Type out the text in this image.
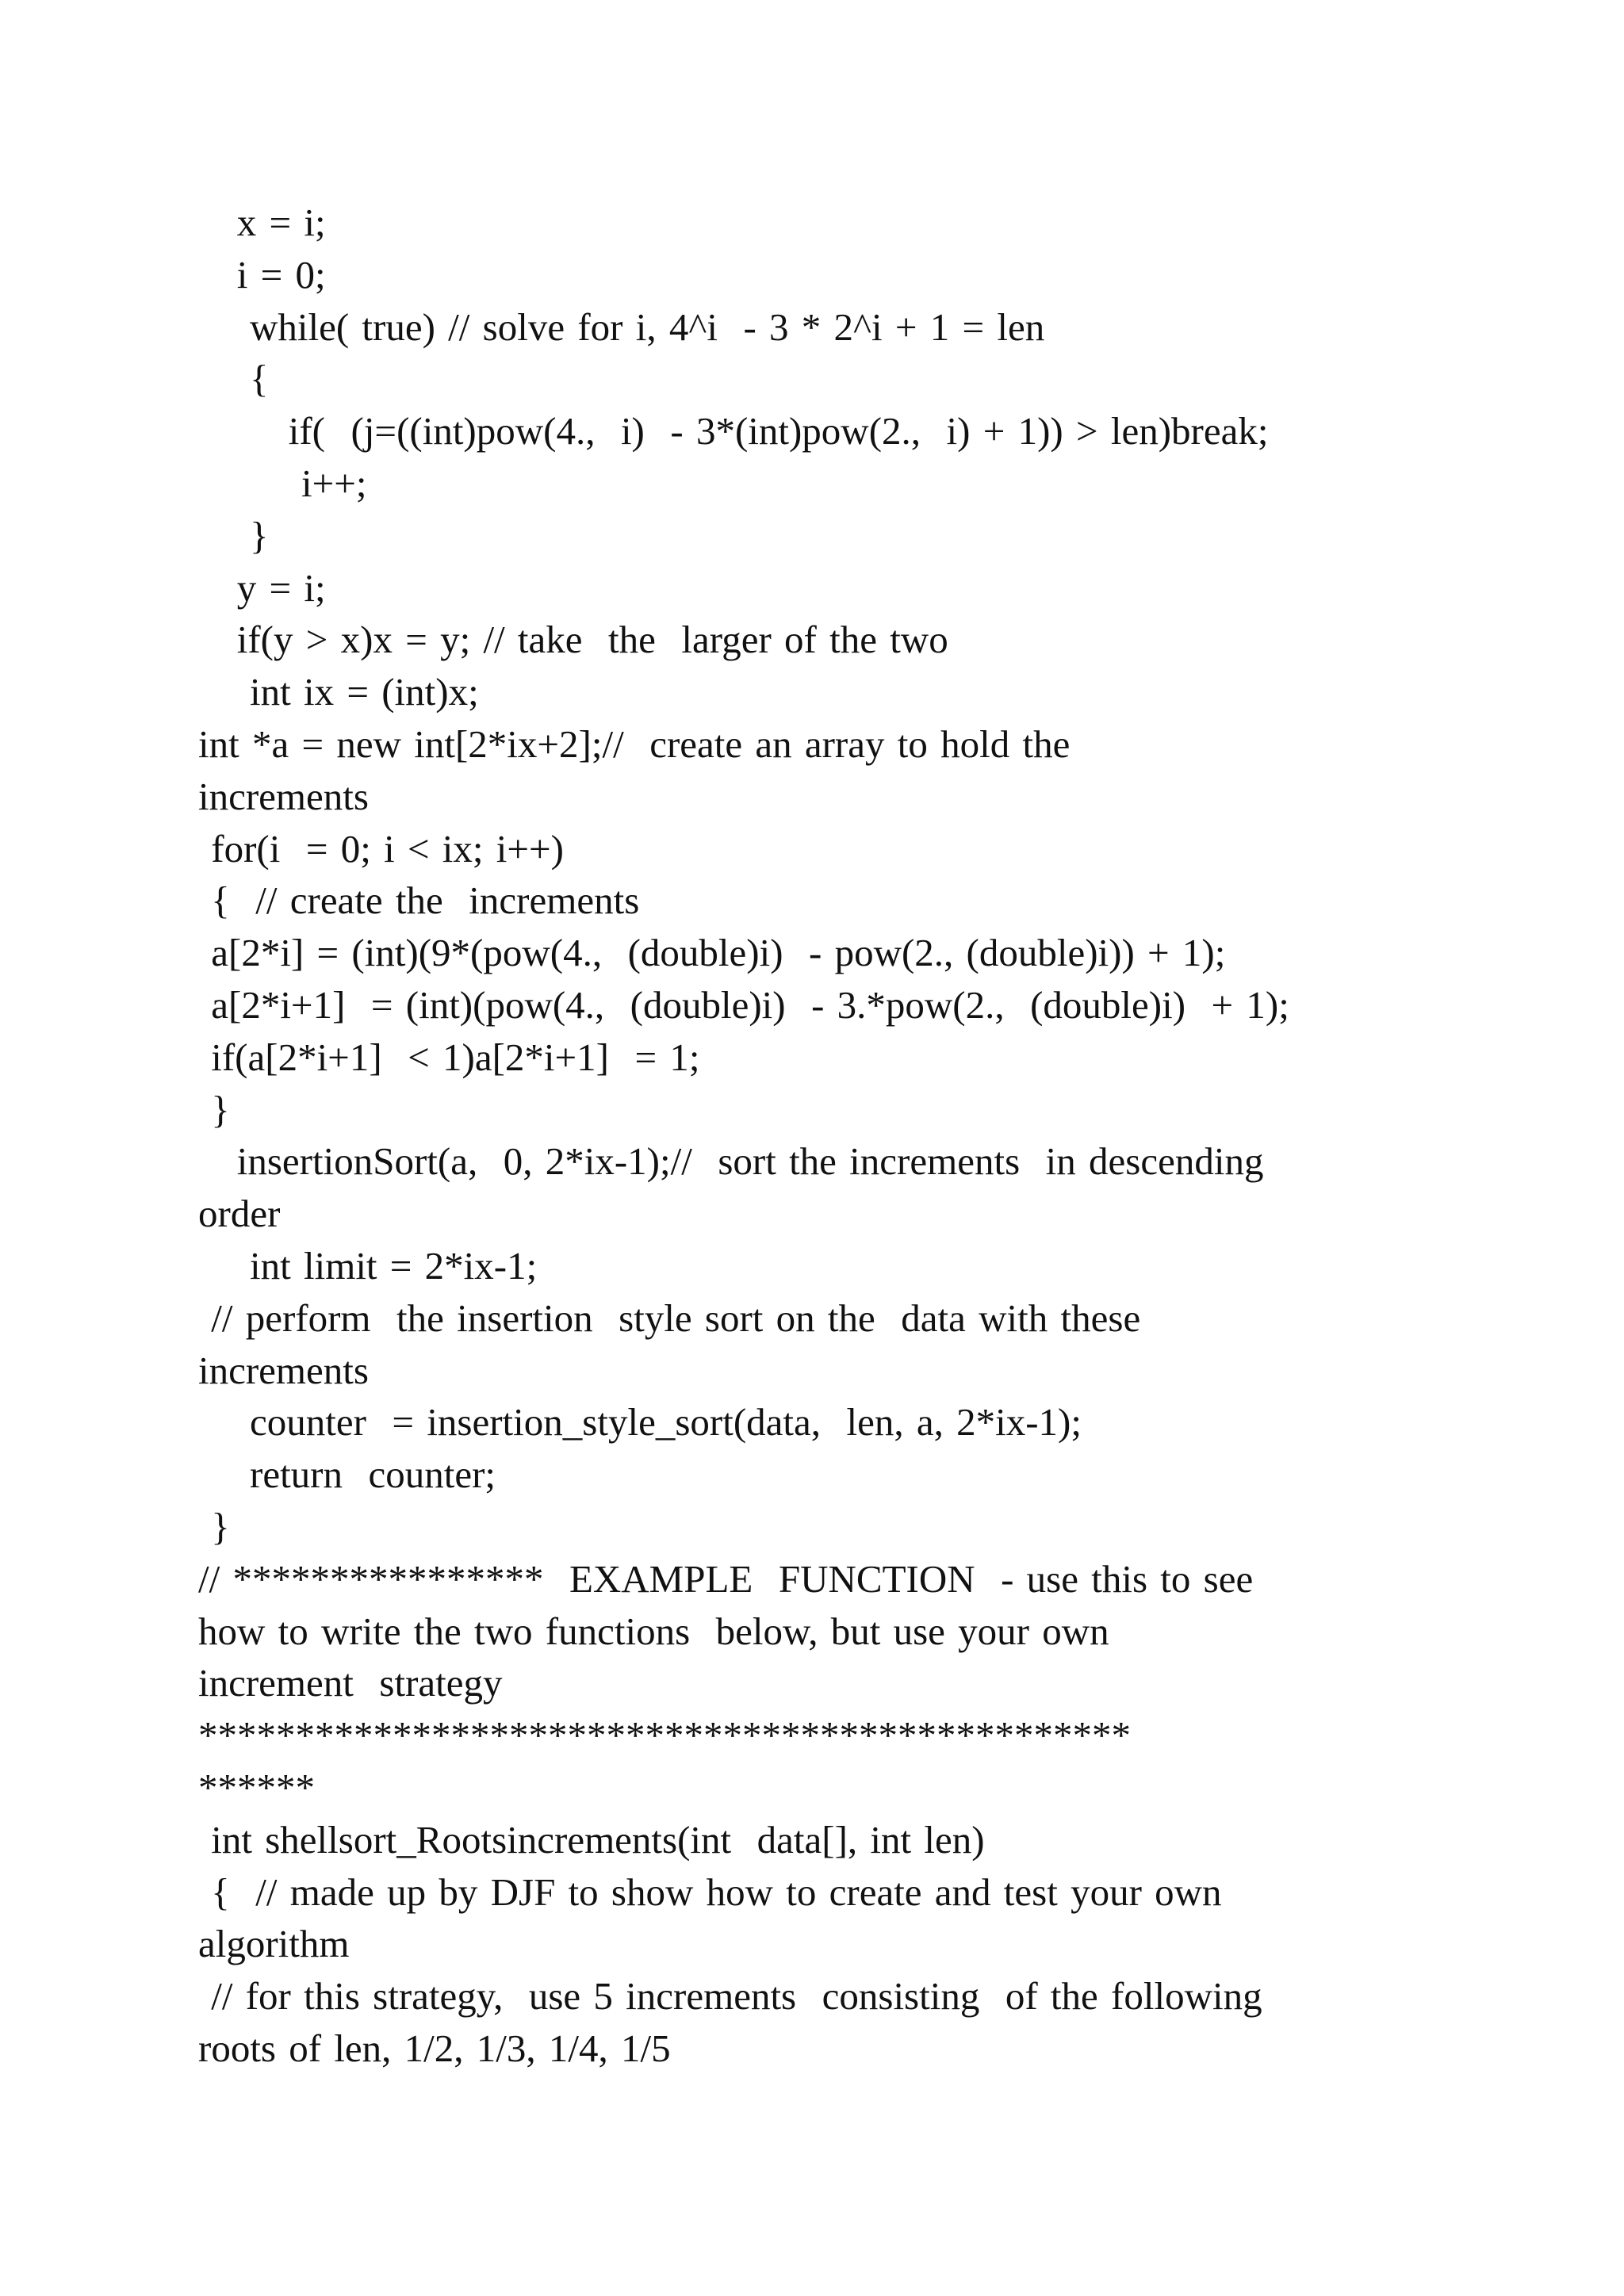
x = i;
i = 0;
while( true) // solve for i, 4^i  - 3 * 2^i + 1 = len
{
if(  (j=((int)pow(4.,  i)  - 3*(int)pow(2.,  i) + 1)) > len)break;
i++;
}
y = i;
if(y > x)x = y; // take  the  larger of the two
int ix = (int)x;
int *a = new int[2*ix+2];//  create an array to hold the
increments
for(i  = 0; i < ix; i++)
{  // create the  increments
a[2*i] = (int)(9*(pow(4.,  (double)i)  - pow(2., (double)i)) + 1);
a[2*i+1]  = (int)(pow(4.,  (double)i)  - 3.*pow(2.,  (double)i)  + 1);
if(a[2*i+1]  < 1)a[2*i+1]  = 1;
}
insertionSort(a,  0, 2*ix-1);//  sort the increments  in descending
order
int limit = 2*ix-1;
// perform  the insertion  style sort on the  data with these
increments
counter  = insertion_style_sort(data,  len, a, 2*ix-1);
return  counter;
}
// ****************  EXAMPLE  FUNCTION  - use this to see
how to write the two functions  below, but use your own
increment  strategy
************************************************
******
int shellsort_Rootsincrements(int  data[], int len)
{  // made up by DJF to show how to create and test your own
algorithm
// for this strategy,  use 5 increments  consisting  of the following
roots of len, 1/2, 1/3, 1/4, 1/5
